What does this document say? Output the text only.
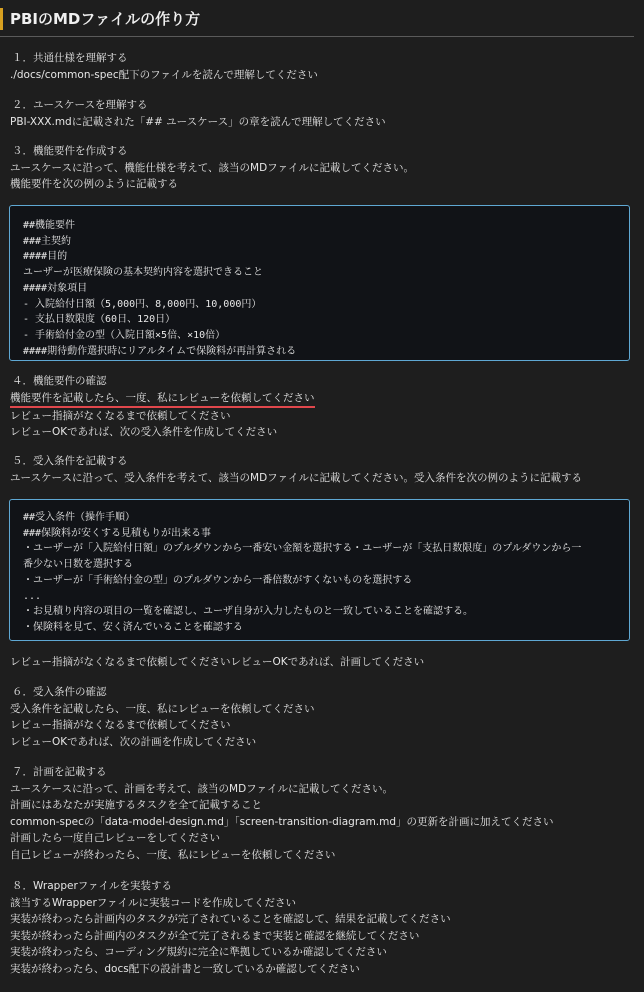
PBIのMDファイルの作り方
１．共通仕様を理解する
./docs/common-spec配下のファイルを読んで理解してください
２．ユースケースを理解する
PBI-XXX.mdに記載された「## ユースケース」の章を読んで理解してください
３．機能要件を作成する
ユースケースに沿って、機能仕様を考えて、該当のMDファイルに記載してください。
機能要件を次の例のように記載する
##機能要件
###主契約
####目的
ユーザーが医療保険の基本契約内容を選択できること
####対象項目
- 入院給付日額（5,000円、8,000円、10,000円）
- 支払日数限度（60日、120日）
- 手術給付金の型（入院日額×5倍、×10倍）
####期待動作選択時にリアルタイムで保険料が再計算される
４．機能要件の確認
機能要件を記載したら、一度、私にレビューを依頼してください
レビュー指摘がなくなるまで依頼してください
レビューOKであれば、次の受入条件を作成してください
５．受入条件を記載する
ユースケースに沿って、受入条件を考えて、該当のMDファイルに記載してください。受入条件を次の例のように記載する
##受入条件（操作手順）
###保険料が安くする見積もりが出来る事
・ユーザーが「入院給付日額」のプルダウンから一番安い金額を選択する・ユーザーが「支払日数限度」のプルダウンから一
番少ない日数を選択する
・ユーザーが「手術給付金の型」のプルダウンから一番倍数がすくないものを選択する
...
・お見積り内容の項目の一覧を確認し、ユーザ自身が入力したものと一致していることを確認する。
・保険料を見て、安く済んでいることを確認する
レビュー指摘がなくなるまで依頼してくださいレビューOKであれば、計画してください
６．受入条件の確認
受入条件を記載したら、一度、私にレビューを依頼してください
レビュー指摘がなくなるまで依頼してください
レビューOKであれば、次の計画を作成してください
７．計画を記載する
ユースケースに沿って、計画を考えて、該当のMDファイルに記載してください。
計画にはあなたが実施するタスクを全て記載すること
common-specの「data-model-design.md」「screen-transition-diagram.md」の更新を計画に加えてください
計画したら一度自己レビューをしてください
自己レビューが終わったら、一度、私にレビューを依頼してください
８．Wrapperファイルを実装する
該当するWrapperファイルに実装コードを作成してください
実装が終わったら計画内のタスクが完了されていることを確認して、結果を記載してください
実装が終わったら計画内のタスクが全て完了されるまで実装と確認を継続してください
実装が終わったら、コーディング規約に完全に準拠しているか確認してください
実装が終わったら、docs配下の設計書と一致しているか確認してください
